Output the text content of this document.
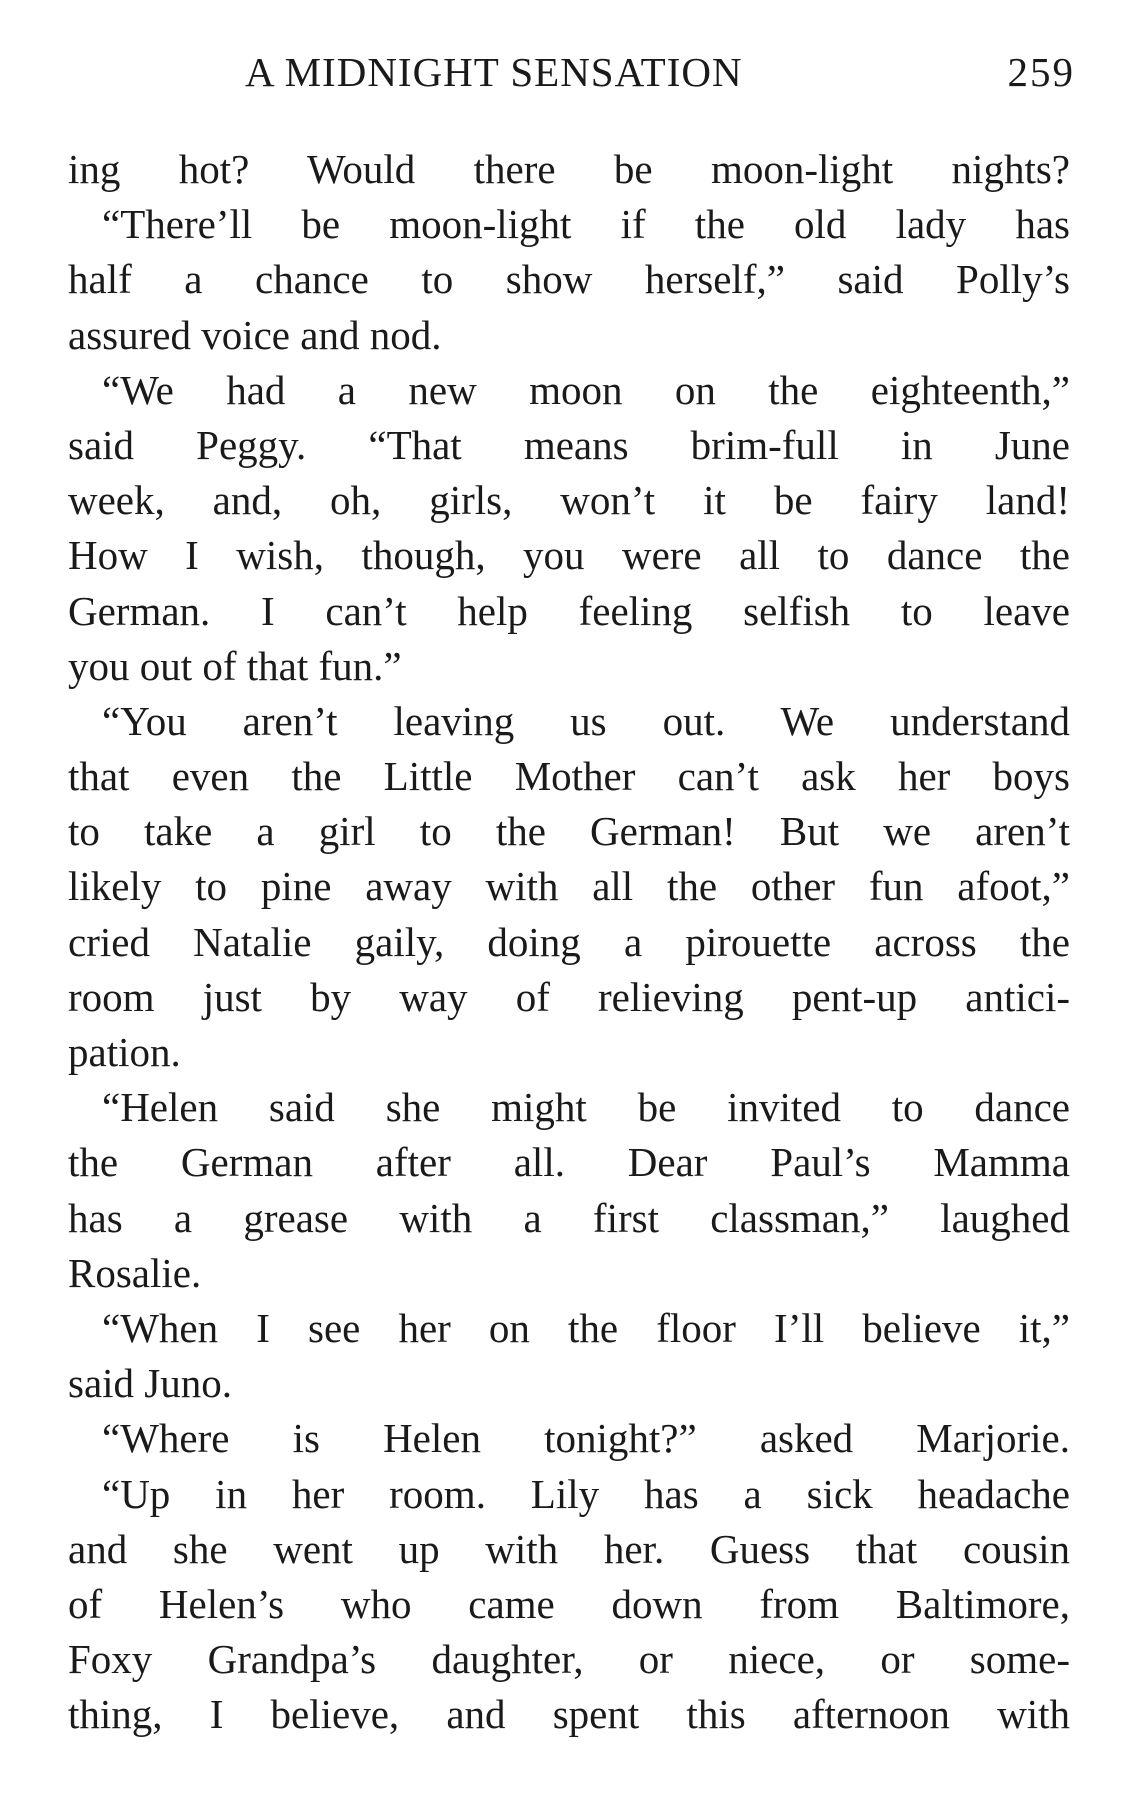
A MIDNIGHT SENSATION	259
ing hot? Would there be moon-light nights?
“There’ll be moon-light if the old lady has
half a chance to show herself,” said Polly’s
assured voice and nod.
“We had a new moon on the eighteenth,”
said Peggy. “That means brim-full in June
week, and, oh, girls, won’t it be fairy land!
How I wish, though, you were all to dance the
German. I can’t help feeling selfish to leave
you out of that fun.”
“You aren’t leaving us out. We understand
that even the Little Mother can’t ask her boys
to take a girl to the German! But we aren’t
likely to pine away with all the other fun afoot,”
cried Natalie gaily, doing a pirouette across the
room just by way of relieving pent-up antici-
pation.
“Helen said she might be invited to dance
the German after all. Dear Paul’s Mamma
has a grease with a first classman,” laughed
Rosalie.
“When I see her on the floor I’ll believe it,”
said Juno.
“Where is Helen tonight?” asked Marjorie.
“Up in her room. Lily has a sick headache
and she went up with her. Guess that cousin
of Helen’s who came down from Baltimore,
Foxy Grandpa’s daughter, or niece, or some-
thing, I believe, and spent this afternoon with
